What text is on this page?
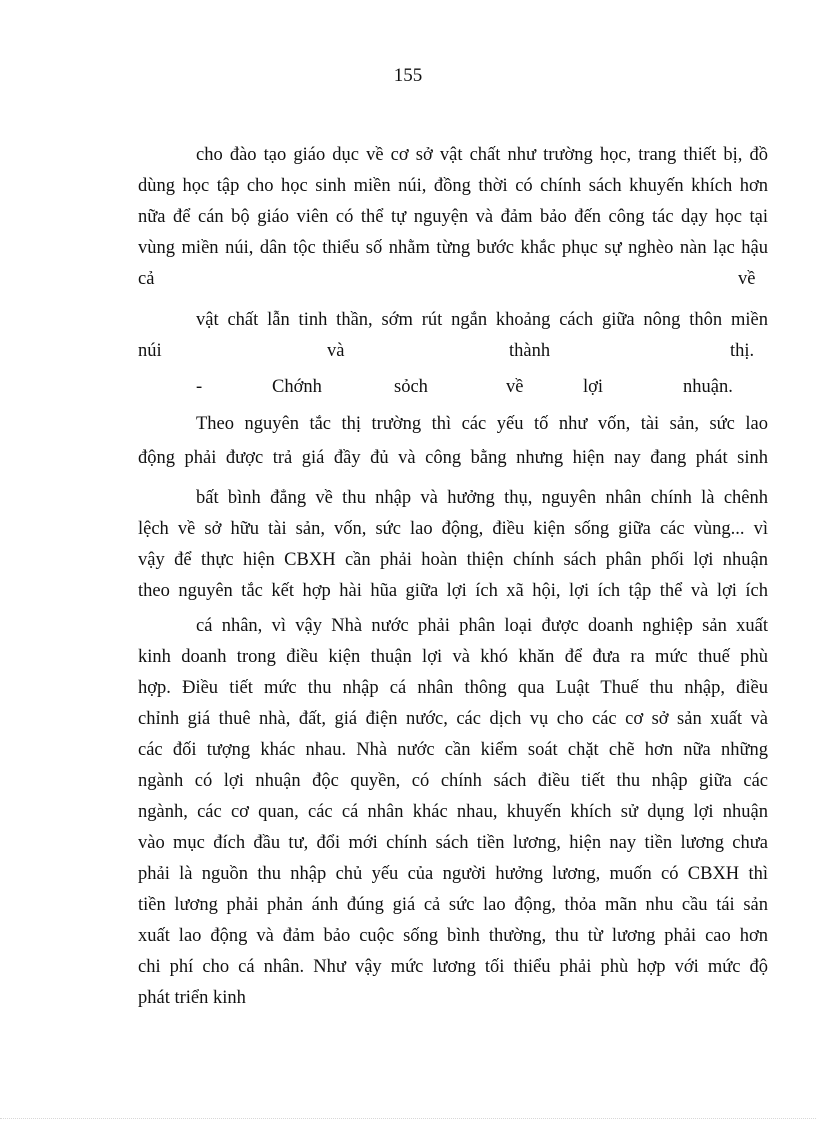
155
cho đào tạo giáo dục về cơ sở vật chất như trường học, trang thiết bị, đồ
dùng học tập cho học sinh miền núi, đồng thời có chính sách khuyến khích hơn
nữa để cán bộ giáo viên có thể tự nguyện và đảm bảo đến công tác dạy học tại
vùng miền núi, dân tộc thiểu số nhằm từng bước khắc phục sự nghèo nàn lạc hậu
cả	về
vật chất lẫn tinh thần, sớm rút ngắn khoảng cách giữa nông thôn miền
núi	và	thành	thị.
-	Chớnh	sỏch	về	lợi	nhuận.
Theo nguyên tắc thị trường thì các yếu tố như vốn, tài sản, sức lao
động phải được trả giá đầy đủ và công bằng nhưng hiện nay đang phát sinh
bất bình đẳng về thu nhập và hưởng thụ, nguyên nhân chính là chênh
lệch về sở hữu tài sản, vốn, sức lao động, điều kiện sống giữa các vùng... vì
vậy để thực hiện CBXH cần phải hoàn thiện chính sách phân phối lợi nhuận
theo nguyên tắc kết hợp hài hũa giữa lợi ích xã hội, lợi ích tập thể và lợi ích
cá nhân, vì vậy Nhà nước phải phân loại được doanh nghiệp sản xuất
kinh doanh trong điều kiện thuận lợi và khó khăn để đưa ra mức thuế phù
hợp. Điều tiết mức thu nhập cá nhân thông qua Luật Thuế thu nhập, điều
chỉnh giá thuê nhà, đất, giá điện nước, các dịch vụ cho các cơ sở sản xuất và
các đối tượng khác nhau. Nhà nước cần kiểm soát chặt chẽ hơn nữa những
ngành có lợi nhuận độc quyền, có chính sách điều tiết thu nhập giữa các
ngành, các cơ quan, các cá nhân khác nhau, khuyến khích sử dụng lợi nhuận
vào mục đích đầu tư, đổi mới chính sách tiền lương, hiện nay tiền lương chưa
phải là nguồn thu nhập chủ yếu của người hưởng lương, muốn có CBXH thì
tiền lương phải phản ánh đúng giá cả sức lao động, thỏa mãn nhu cầu tái sản
xuất lao động và đảm bảo cuộc sống bình thường, thu từ lương phải cao hơn
chi phí cho cá nhân. Như vậy mức lương tối thiểu phải phù hợp với mức độ
phát triển kinh
